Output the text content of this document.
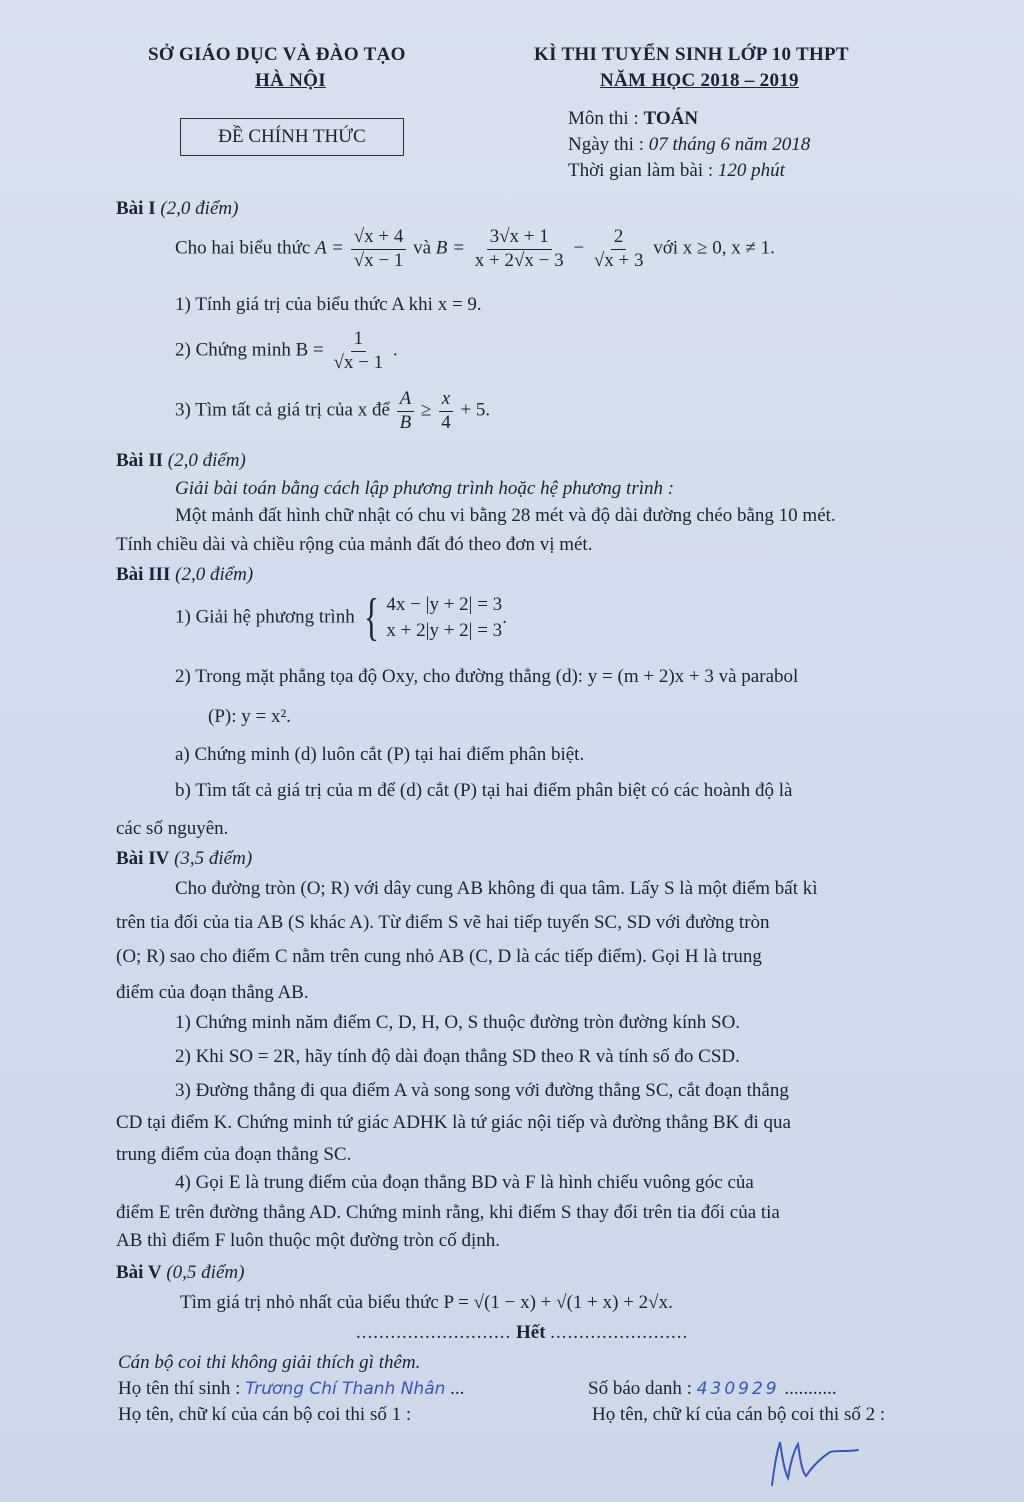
SỞ GIÁO DỤC VÀ ĐÀO TẠO
HÀ NỘI
KÌ THI TUYỂN SINH LỚP 10 THPT
NĂM HỌC 2018 – 2019
ĐỀ CHÍNH THỨC
Môn thi : TOÁN
Ngày thi : 07 tháng 6 năm 2018
Thời gian làm bài : 120 phút
Bài I (2,0 điểm)
Cho hai biểu thức $A = \frac{√x + 4}{√x - 1}$ và $B = \frac{3√x + 1}{x + 2√x - 3} - \frac{2}{√x + 3}$ với x ≥ 0, x ≠ 1.
1) Tính giá trị của biểu thức A khi x = 9.
2) Chứng minh $B = \frac{1}{√x - 1}$ .
3) Tìm tất cả giá trị của x để $\frac{A}{B} \ge \frac{x}{4} + 5$.
Bài II (2,0 điểm)
Giải bài toán bằng cách lập phương trình hoặc hệ phương trình :
Một mảnh đất hình chữ nhật có chu vi bằng 28 mét và độ dài đường chéo bằng 10 mét.
Tính chiều dài và chiều rộng của mảnh đất đó theo đơn vị mét.
Bài III (2,0 điểm)
1) Giải hệ phương trình { 4x − |y + 2| = 3
x + 2|y + 2| = 3
.
2) Trong mặt phẳng tọa độ Oxy, cho đường thẳng (d): y = (m + 2)x + 3 và parabol
(P): y = x².
a) Chứng minh (d) luôn cắt (P) tại hai điểm phân biệt.
b) Tìm tất cả giá trị của m để (d) cắt (P) tại hai điểm phân biệt có các hoành độ là
các số nguyên.
Bài IV (3,5 điểm)
Cho đường tròn (O; R) với dây cung AB không đi qua tâm. Lấy S là một điểm bất kì
trên tia đối của tia AB (S khác A). Từ điểm S vẽ hai tiếp tuyến SC, SD với đường tròn
(O; R) sao cho điểm C nằm trên cung nhỏ AB (C, D là các tiếp điểm). Gọi H là trung
điểm của đoạn thẳng AB.
1) Chứng minh năm điểm C, D, H, O, S thuộc đường tròn đường kính SO.
2) Khi SO = 2R, hãy tính độ dài đoạn thẳng SD theo R và tính số đo CSD.
3) Đường thẳng đi qua điểm A và song song với đường thẳng SC, cắt đoạn thẳng
CD tại điểm K. Chứng minh tứ giác ADHK là tứ giác nội tiếp và đường thẳng BK đi qua
trung điểm của đoạn thẳng SC.
4) Gọi E là trung điểm của đoạn thẳng BD và F là hình chiếu vuông góc của
điểm E trên đường thẳng AD. Chứng minh rằng, khi điểm S thay đổi trên tia đối của tia
AB thì điểm F luôn thuộc một đường tròn cố định.
Bài V (0,5 điểm)
Tìm giá trị nhỏ nhất của biểu thức P = √(1 − x) + √(1 + x) + 2√x.
........................... Hết ........................
Cán bộ coi thi không giải thích gì thêm.
Họ tên thí sinh : Trương Chí Thanh Nhân ...	Số báo danh : 430929 ...........
Họ tên, chữ kí của cán bộ coi thi số 1 :	Họ tên, chữ kí của cán bộ coi thi số 2 :
